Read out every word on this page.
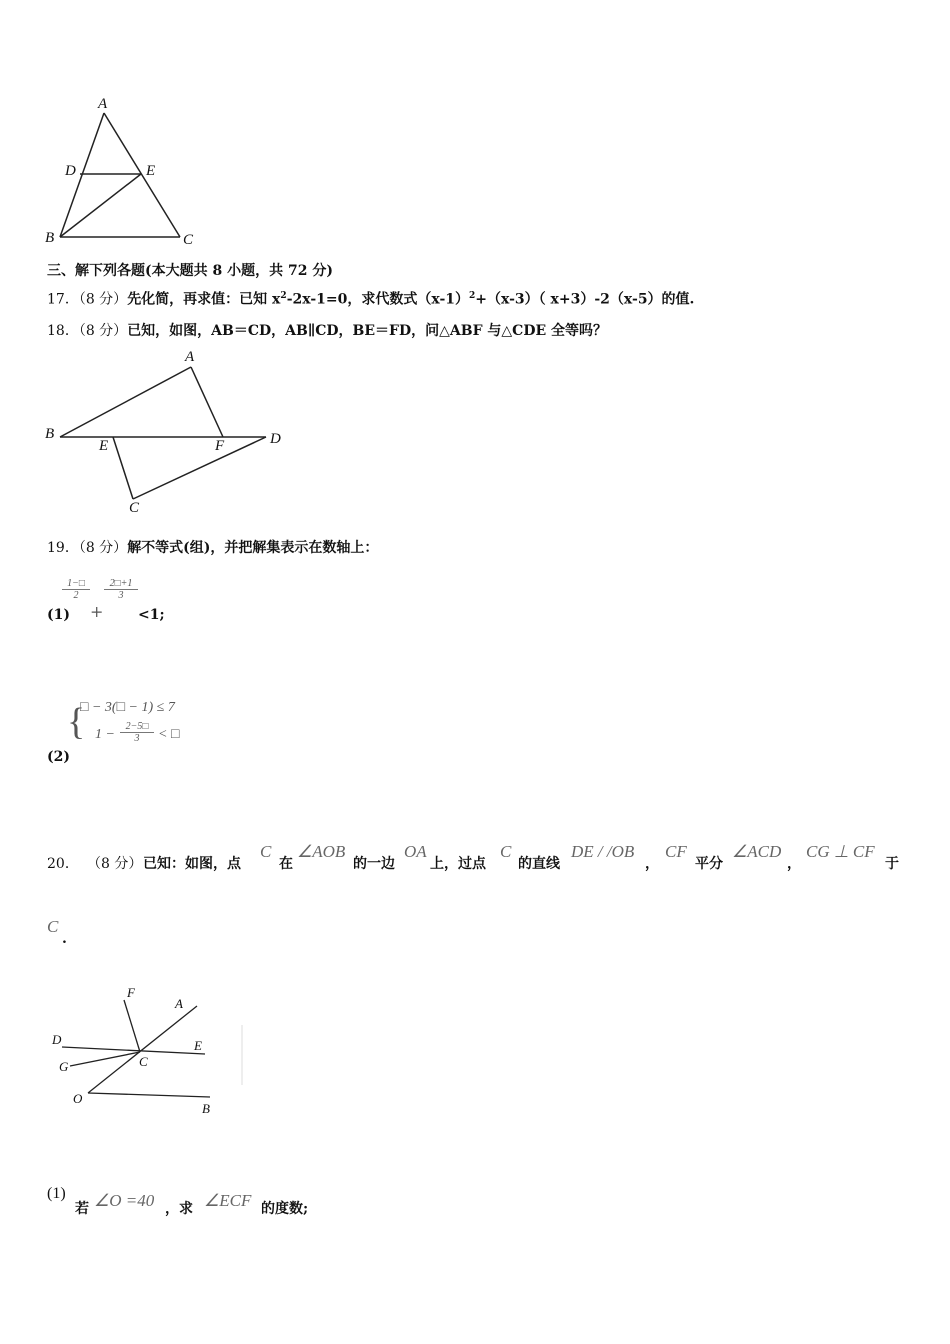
A
D	E
B	C
三、解下列各题(本大题共 8 小题，共 72 分)
17．（8 分）先化简，再求值：已知 $x^2-2x-1=0$，求代数式$(x-1)^2+(x-3)$（ x+3）-2（x-5）的值.
18．（8 分）已知，如图，AB＝CD，AB∥CD，BE＝FD，问△ABF 与△CDE 全等吗？
A
B
E	F	D
C
19．（8 分）解不等式(组)，并把解集表示在数轴上：
(1)
$\frac{1-□}{2}$
+
$\frac{2□+1}{3}$
<1;
{
□ − 3(□ − 1) ≤ 7
$1 - \frac{2-5□}{3}$ < □
(2)
20． （8 分） 已知：如图，点
C
在
∠AOB
的一边
OA
上，过点
C
的直线
DE / /OB
，
CF
平分
∠ACD
，
CG ⊥ CF
于
C
.
F
A
D	E
G	C
O
B
(1)
若 ∠O =40 ，求 ∠ECF 的度数;
